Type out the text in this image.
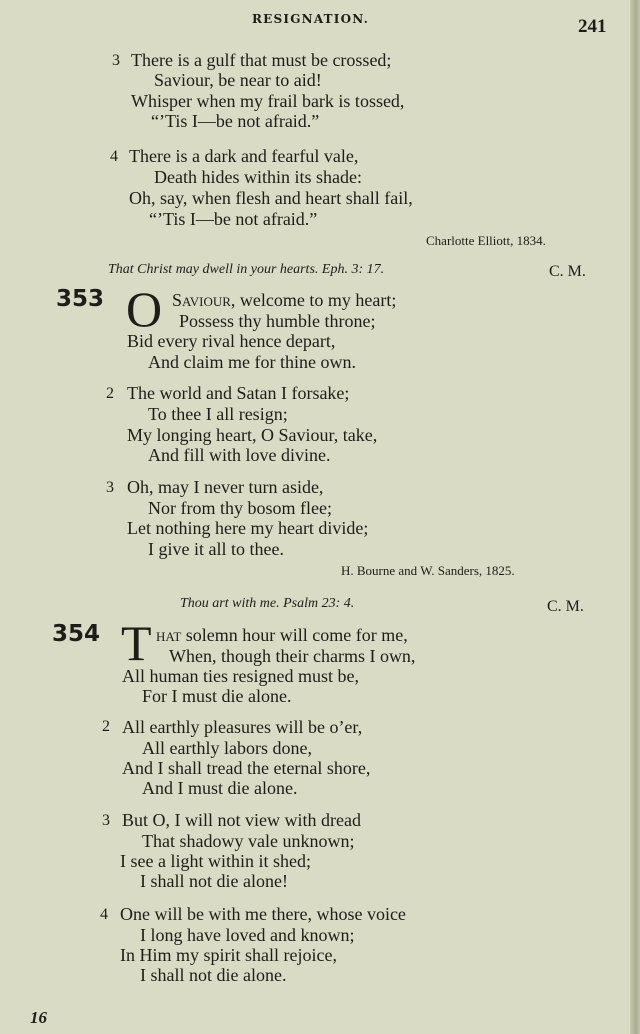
RESIGNATION.	241
3 There is a gulf that must be crossed;
Saviour, be near to aid!
Whisper when my frail bark is tossed,
“’Tis I—be not afraid.”
4 There is a dark and fearful vale,
Death hides within its shade:
Oh, say, when flesh and heart shall fail,
“’Tis I—be not afraid.”
Charlotte Elliott, 1834.
That Christ may dwell in your hearts. Eph. 3: 17.	C. M.
353 O Saviour, welcome to my heart;
Possess thy humble throne;
Bid every rival hence depart,
And claim me for thine own.
2 The world and Satan I forsake;
To thee I all resign;
My longing heart, O Saviour, take,
And fill with love divine.
3 Oh, may I never turn aside,
Nor from thy bosom flee;
Let nothing here my heart divide;
I give it all to thee.
H. Bourne and W. Sanders, 1825.
Thou art with me. Psalm 23: 4.	C. M.
354 T hat solemn hour will come for me,
When, though their charms I own,
All human ties resigned must be,
For I must die alone.
2 All earthly pleasures will be o’er,
All earthly labors done,
And I shall tread the eternal shore,
And I must die alone.
3 But O, I will not view with dread
That shadowy vale unknown;
I see a light within it shed;
I shall not die alone!
4 One will be with me there, whose voice
I long have loved and known;
In Him my spirit shall rejoice,
I shall not die alone.
16
